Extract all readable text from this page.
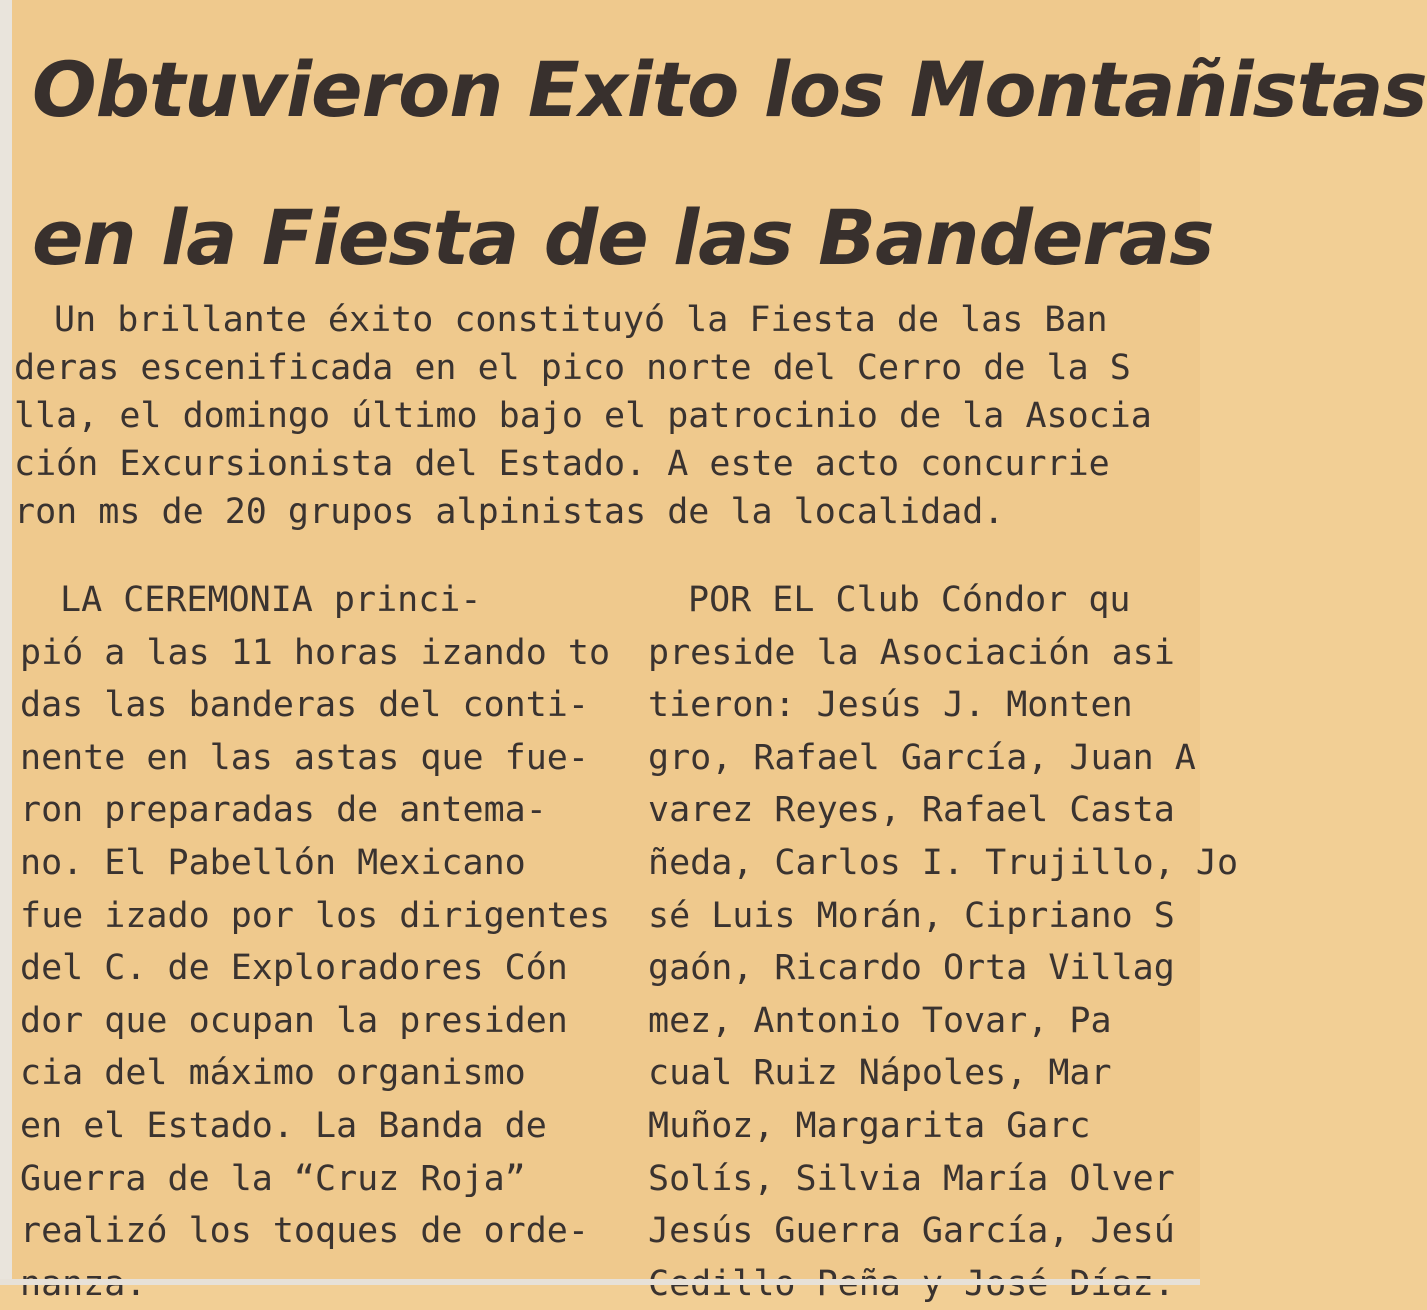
Obtuvieron Exito los Montañistas
en la Fiesta de las Banderas
Un brillante éxito constituyó la Fiesta de las Ban
deras escenificada en el pico norte del Cerro de la S
lla, el domingo último bajo el patrocinio de la Asocia
ción Excursionista del Estado. A este acto concurrie
ron ms de 20 grupos alpinistas de la localidad.
LA CEREMONIA princi-
pió a las 11 horas izando to
das las banderas del conti-
nente en las astas que fue-
ron preparadas de antema-
no. El Pabellón Mexicano
fue izado por los dirigentes
del C. de Exploradores Cón
dor que ocupan la presiden
cia del máximo organismo
en el Estado. La Banda de
Guerra de la “Cruz Roja”
realizó los toques de orde-
POR EL Club Cóndor qu
preside la Asociación asi
tieron: Jesús J. Monten
gro, Rafael García, Juan A
varez Reyes, Rafael Casta
ñeda, Carlos I. Trujillo, Jo
sé Luis Morán, Cipriano S
gaón, Ricardo Orta Villag
mez, Antonio Tovar, Pa
cual Ruiz Nápoles, Mar
Muñoz, Margarita Garc
Solís, Silvia María Olver
Jesús Guerra García, Jesú
